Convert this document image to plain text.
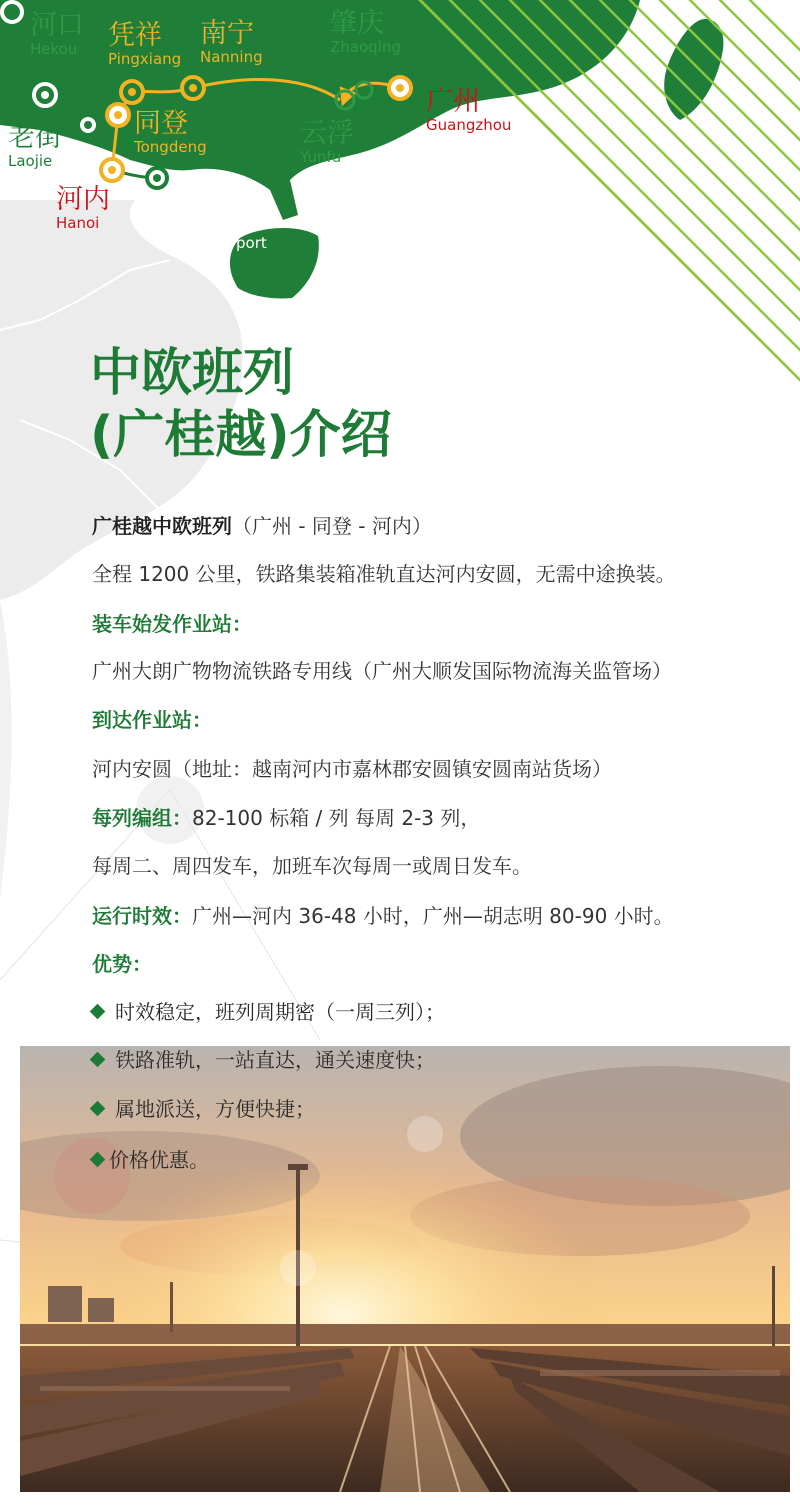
河口
Hekou 凭祥
Pingxiang
南宁
Nanning
肇庆
Zhaoqing
老街
Laojie
同登
Tongdeng	云浮
Yunfu
广州
Guangzhou
河内
Hanoi
port
中欧班列
(广桂越)介绍
广桂越中欧班列（广州 - 同登 - 河内）
全程 1200 公里，铁路集装箱准轨直达河内安圆，无需中途换装。
装车始发作业站：
广州大朗广物物流铁路专用线（广州大顺发国际物流海关监管场）
到达作业站：
河内安圆（地址：越南河内市嘉林郡安圆镇安圆南站货场）
每列编组：82-100 标箱 / 列 每周 2-3 列，
每周二、周四发车，加班车次每周一或周日发车。
运行时效：广州—河内 36-48 小时，广州—胡志明 80-90 小时。
优势：
时效稳定，班列周期密（一周三列）；
铁路准轨，一站直达，通关速度快；
属地派送，方便快捷；
价格优惠。
